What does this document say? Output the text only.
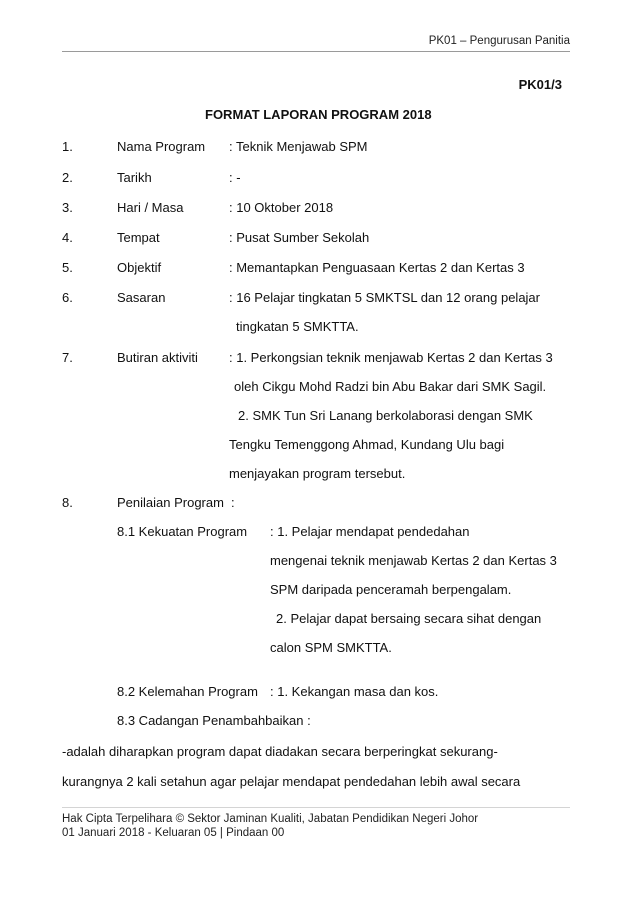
PK01 – Pengurusan Panitia
PK01/3
FORMAT LAPORAN PROGRAM 2018
1.	Nama Program : Teknik Menjawab SPM
2.	Tarikh	: -
3.	Hari / Masa	: 10 Oktober 2018
4.	Tempat	: Pusat Sumber Sekolah
5.	Objektif	: Memantapkan Penguasaan Kertas 2 dan Kertas 3
6.	Sasaran	: 16 Pelajar tingkatan 5 SMKTSL dan 12 orang pelajar
tingkatan 5 SMKTTA.
7.	Butiran aktiviti : 1. Perkongsian teknik menjawab Kertas 2 dan Kertas 3
oleh Cikgu Mohd Radzi bin Abu Bakar dari SMK Sagil.
2. SMK Tun Sri Lanang berkolaborasi dengan SMK
Tengku Temenggong Ahmad, Kundang Ulu bagi
menjayakan program tersebut.
8.	Penilaian Program :
8.1 Kekuatan Program : 1. Pelajar mendapat pendedahan
mengenai teknik menjawab Kertas 2 dan Kertas 3
SPM daripada penceramah berpengalam.
2. Pelajar dapat bersaing secara sihat dengan
calon SPM SMKTTA.
8.2 Kelemahan Program : 1. Kekangan masa dan kos.
8.3 Cadangan Penambahbaikan :
-adalah diharapkan program dapat diadakan secara berperingkat sekurang-
kurangnya 2 kali setahun agar pelajar mendapat pendedahan lebih awal secara
Hak Cipta Terpelihara © Sektor Jaminan Kualiti, Jabatan Pendidikan Negeri Johor
01 Januari 2018 - Keluaran 05 | Pindaan 00
